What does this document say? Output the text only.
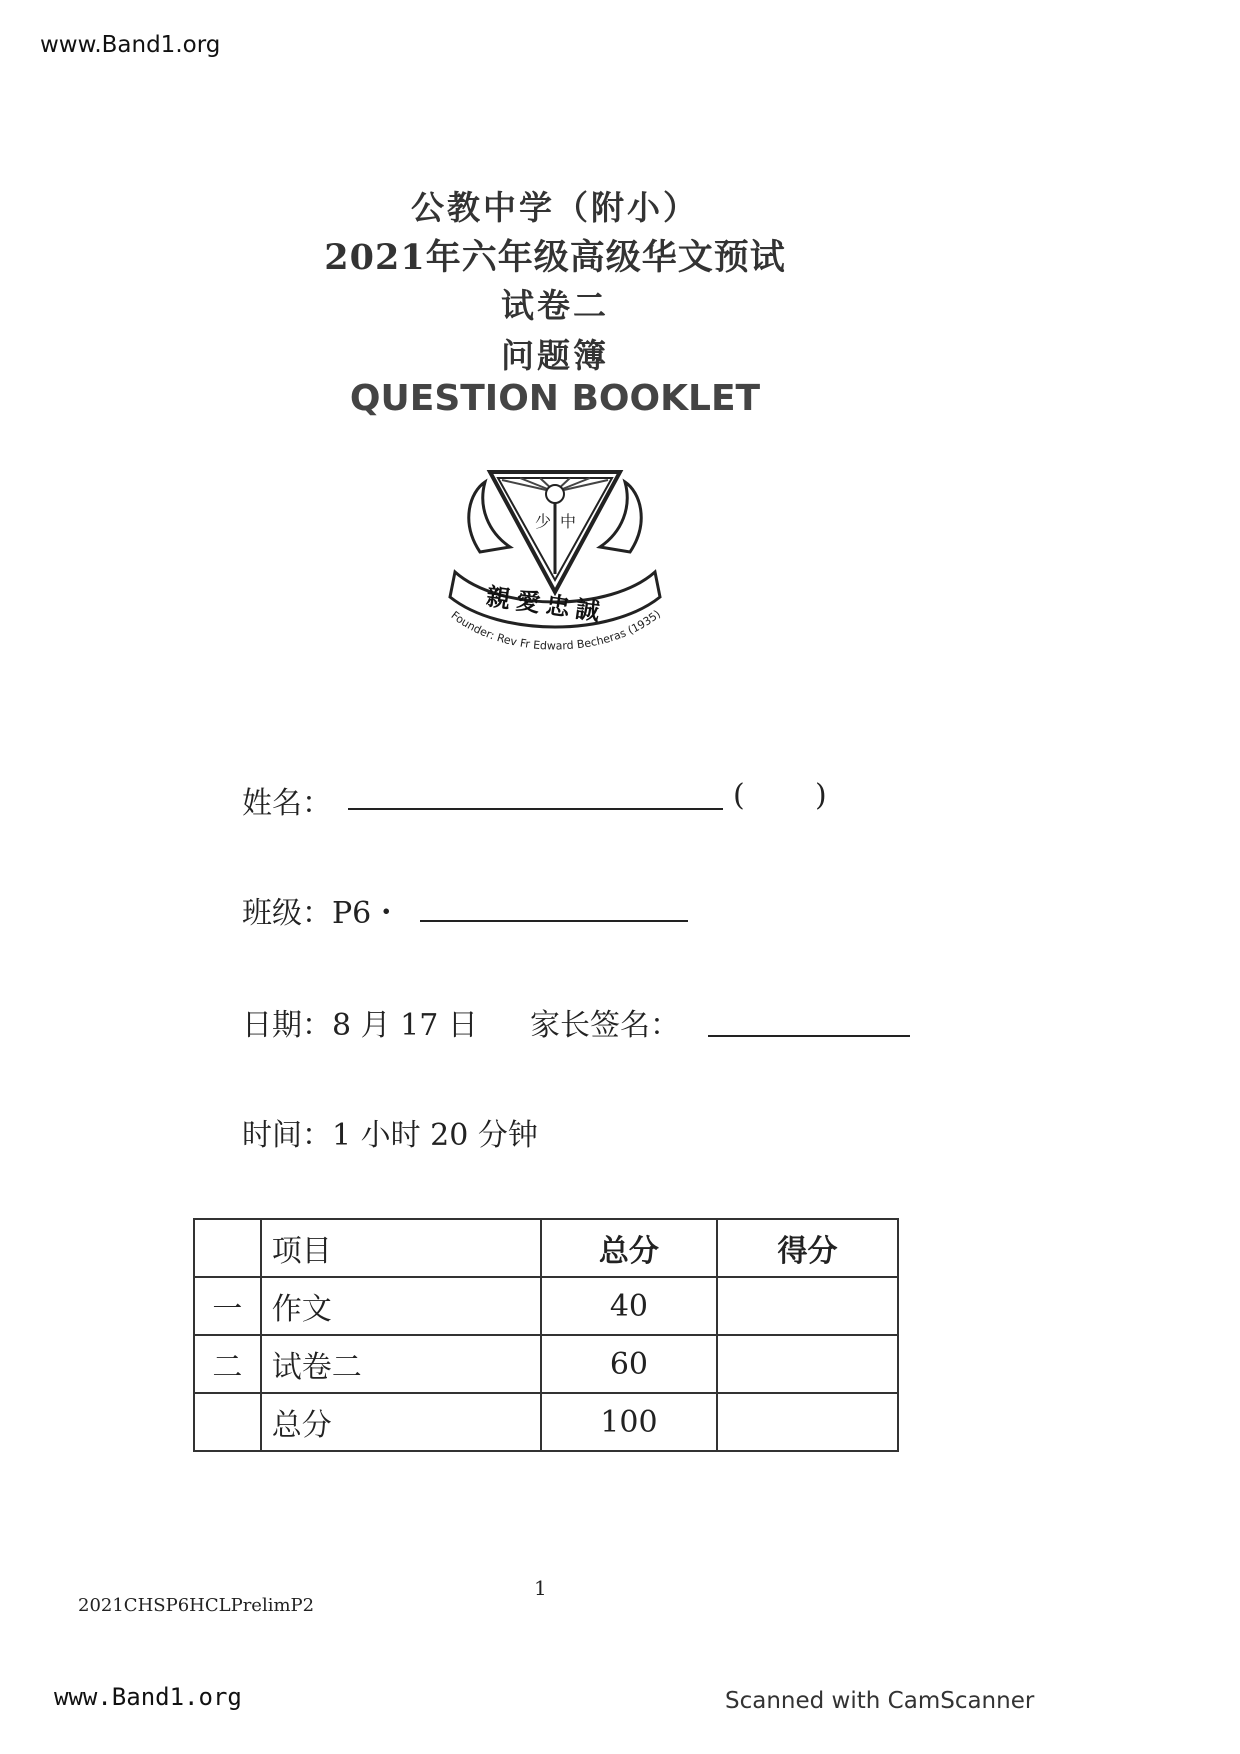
www.Band1.org
公教中学（附小）
2021年六年级高级华文预试
试卷二
问题簿
QUESTION BOOKLET
少 中
親愛忠誠
Founder: Rev Fr Edward Becheras (1935)
姓名：	( )
班级：P6・
日期：8 月 17 日 家长签名：
时间：1 小时 20 分钟
	项目	总分	得分
一	作文	40	
二	试卷二	60	
	总分	100	
1
2021CHSP6HCLPrelimP2
www.Band1.org	Scanned with CamScanner
